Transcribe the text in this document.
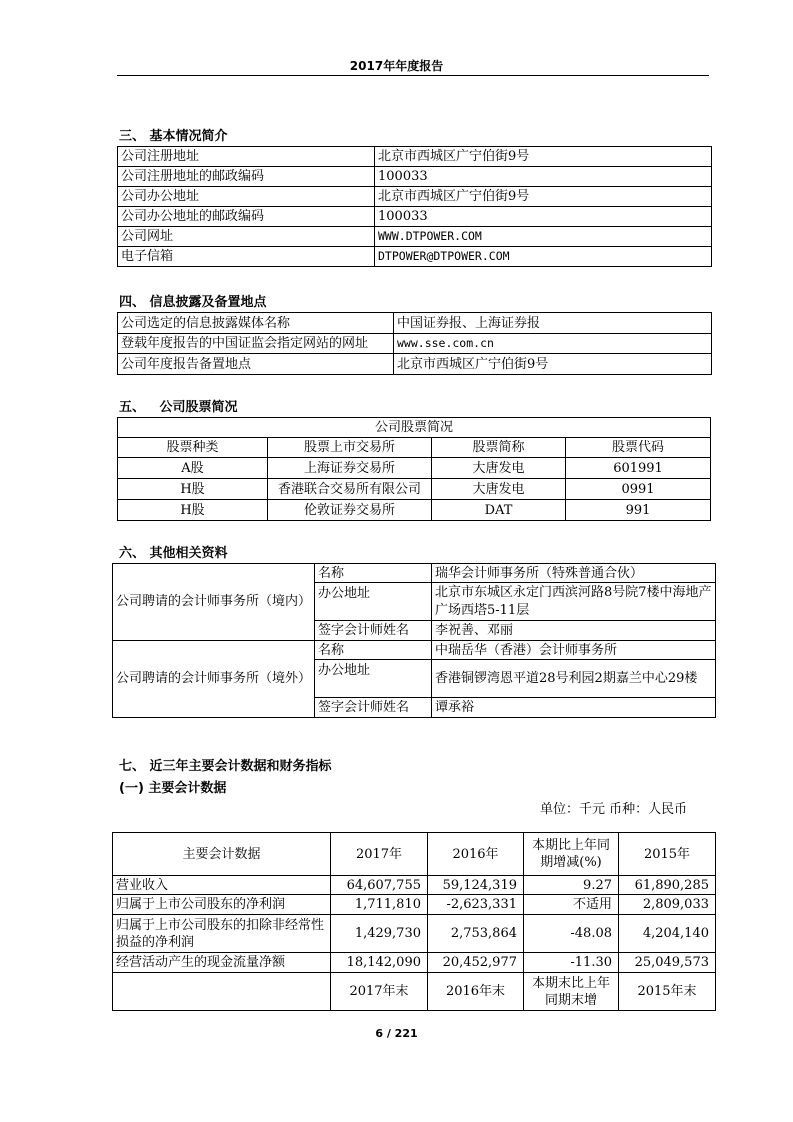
2017年年度报告
三、 基本情况简介
公司注册地址	北京市西城区广宁伯街9号
公司注册地址的邮政编码	100033
公司办公地址	北京市西城区广宁伯街9号
公司办公地址的邮政编码	100033
公司网址	WWW.DTPOWER.COM
电子信箱	DTPOWER@DTPOWER.COM
四、 信息披露及备置地点
公司选定的信息披露媒体名称	中国证券报、上海证券报
登载年度报告的中国证监会指定网站的网址	www.sse.com.cn
公司年度报告备置地点	北京市西城区广宁伯街9号
五、 公司股票简况
公司股票简况			
股票种类	股票上市交易所	股票简称	股票代码
A股	上海证券交易所	大唐发电	601991
H股	香港联合交易所有限公司	大唐发电	0991
H股	伦敦证券交易所	DAT	991
六、 其他相关资料
公司聘请的会计师事务所（境内）	名称	瑞华会计师事务所（特殊普通合伙）
	办公地址	北京市东城区永定门西滨河路8号院7楼中海地产广场西塔5-11层
	签字会计师姓名	李祝善、邓丽
公司聘请的会计师事务所（境外）	名称	中瑞岳华（香港）会计师事务所
	办公地址	香港铜锣湾恩平道28号利园2期嘉兰中心29楼
	签字会计师姓名	谭承裕
七、 近三年主要会计数据和财务指标
(一) 主要会计数据
单位：千元 币种：人民币
主要会计数据	2017年	2016年	本期比上年同期增减(%)	2015年
营业收入	64,607,755	59,124,319	9.27	61,890,285
归属于上市公司股东的净利润	1,711,810	-2,623,331	不适用	2,809,033
归属于上市公司股东的扣除非经常性损益的净利润	1,429,730	2,753,864	-48.08	4,204,140
经营活动产生的现金流量净额	18,142,090	20,452,977	-11.30	25,049,573
	2017年末	2016年末	本期末比上年同期末增	2015年末
6 / 221
